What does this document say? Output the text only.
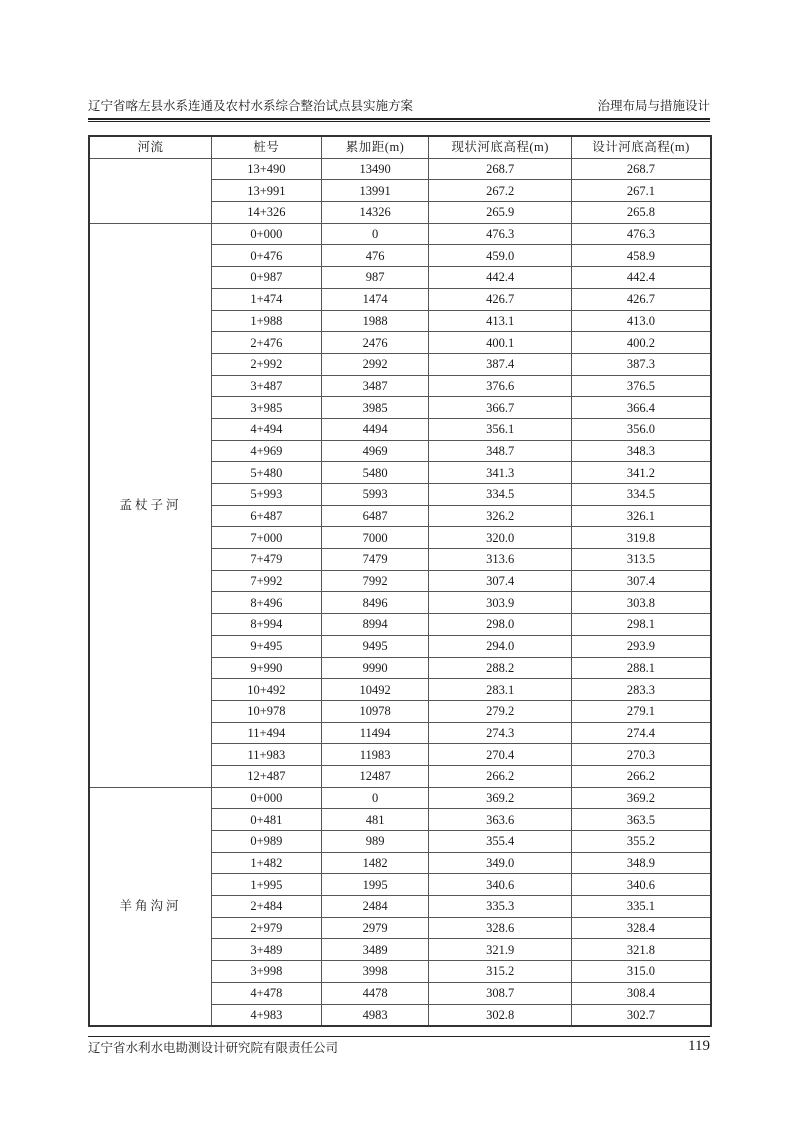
辽宁省喀左县水系连通及农村水系综合整治试点县实施方案	治理布局与措施设计
河流	桩号	累加距(m)	现状河底高程(m)	设计河底高程(m)
	13+490	13490	268.7	268.7
	13+991	13991	267.2	267.1
	14+326	14326	265.9	265.8
孟杖子河	0+000	0	476.3	476.3
	0+476	476	459.0	458.9
	0+987	987	442.4	442.4
	1+474	1474	426.7	426.7
	1+988	1988	413.1	413.0
	2+476	2476	400.1	400.2
	2+992	2992	387.4	387.3
	3+487	3487	376.6	376.5
	3+985	3985	366.7	366.4
	4+494	4494	356.1	356.0
	4+969	4969	348.7	348.3
	5+480	5480	341.3	341.2
	5+993	5993	334.5	334.5
	6+487	6487	326.2	326.1
	7+000	7000	320.0	319.8
	7+479	7479	313.6	313.5
	7+992	7992	307.4	307.4
	8+496	8496	303.9	303.8
	8+994	8994	298.0	298.1
	9+495	9495	294.0	293.9
	9+990	9990	288.2	288.1
	10+492	10492	283.1	283.3
	10+978	10978	279.2	279.1
	11+494	11494	274.3	274.4
	11+983	11983	270.4	270.3
	12+487	12487	266.2	266.2
羊角沟河	0+000	0	369.2	369.2
	0+481	481	363.6	363.5
	0+989	989	355.4	355.2
	1+482	1482	349.0	348.9
	1+995	1995	340.6	340.6
	2+484	2484	335.3	335.1
	2+979	2979	328.6	328.4
	3+489	3489	321.9	321.8
	3+998	3998	315.2	315.0
	4+478	4478	308.7	308.4
	4+983	4983	302.8	302.7
辽宁省水利水电勘测设计研究院有限责任公司	119
